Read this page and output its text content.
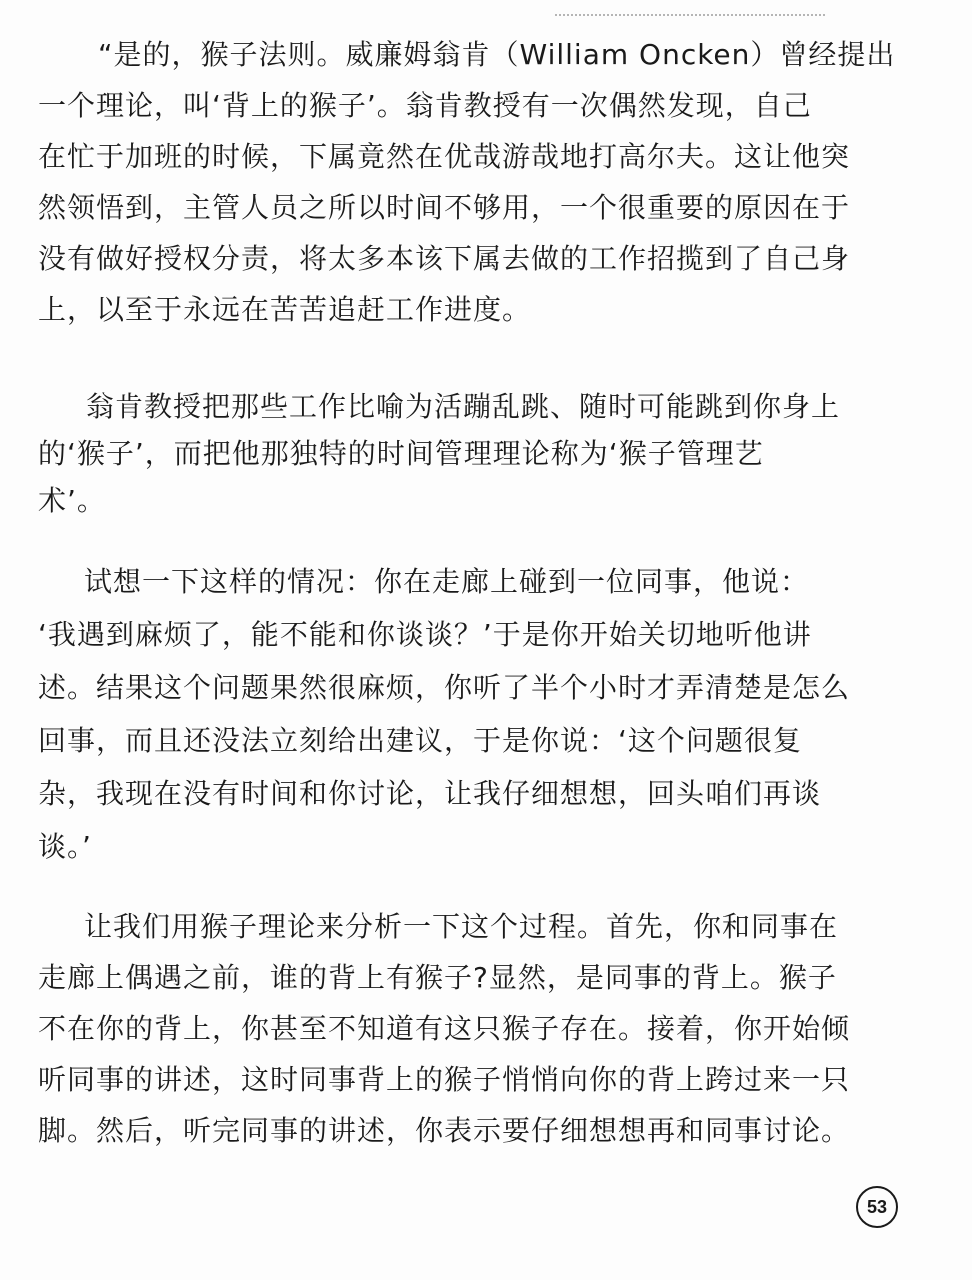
“是的，猴子法则。威廉姆翁肯（William Oncken）曾经提出
一个理论，叫‘背上的猴子’。翁肯教授有一次偶然发现，自己
在忙于加班的时候，下属竟然在优哉游哉地打高尔夫。这让他突
然领悟到，主管人员之所以时间不够用，一个很重要的原因在于
没有做好授权分责，将太多本该下属去做的工作招揽到了自己身
上，以至于永远在苦苦追赶工作进度。
翁肯教授把那些工作比喻为活蹦乱跳、随时可能跳到你身上
的‘猴子’，而把他那独特的时间管理理论称为‘猴子管理艺
术’。
试想一下这样的情况：你在走廊上碰到一位同事，他说：
‘我遇到麻烦了，能不能和你谈谈？’于是你开始关切地听他讲
述。结果这个问题果然很麻烦，你听了半个小时才弄清楚是怎么
回事，而且还没法立刻给出建议，于是你说：‘这个问题很复
杂，我现在没有时间和你讨论，让我仔细想想，回头咱们再谈
谈。’
让我们用猴子理论来分析一下这个过程。首先，你和同事在
走廊上偶遇之前，谁的背上有猴子?显然，是同事的背上。猴子
不在你的背上，你甚至不知道有这只猴子存在。接着，你开始倾
听同事的讲述，这时同事背上的猴子悄悄向你的背上跨过来一只
脚。然后，听完同事的讲述，你表示要仔细想想再和同事讨论。
53
